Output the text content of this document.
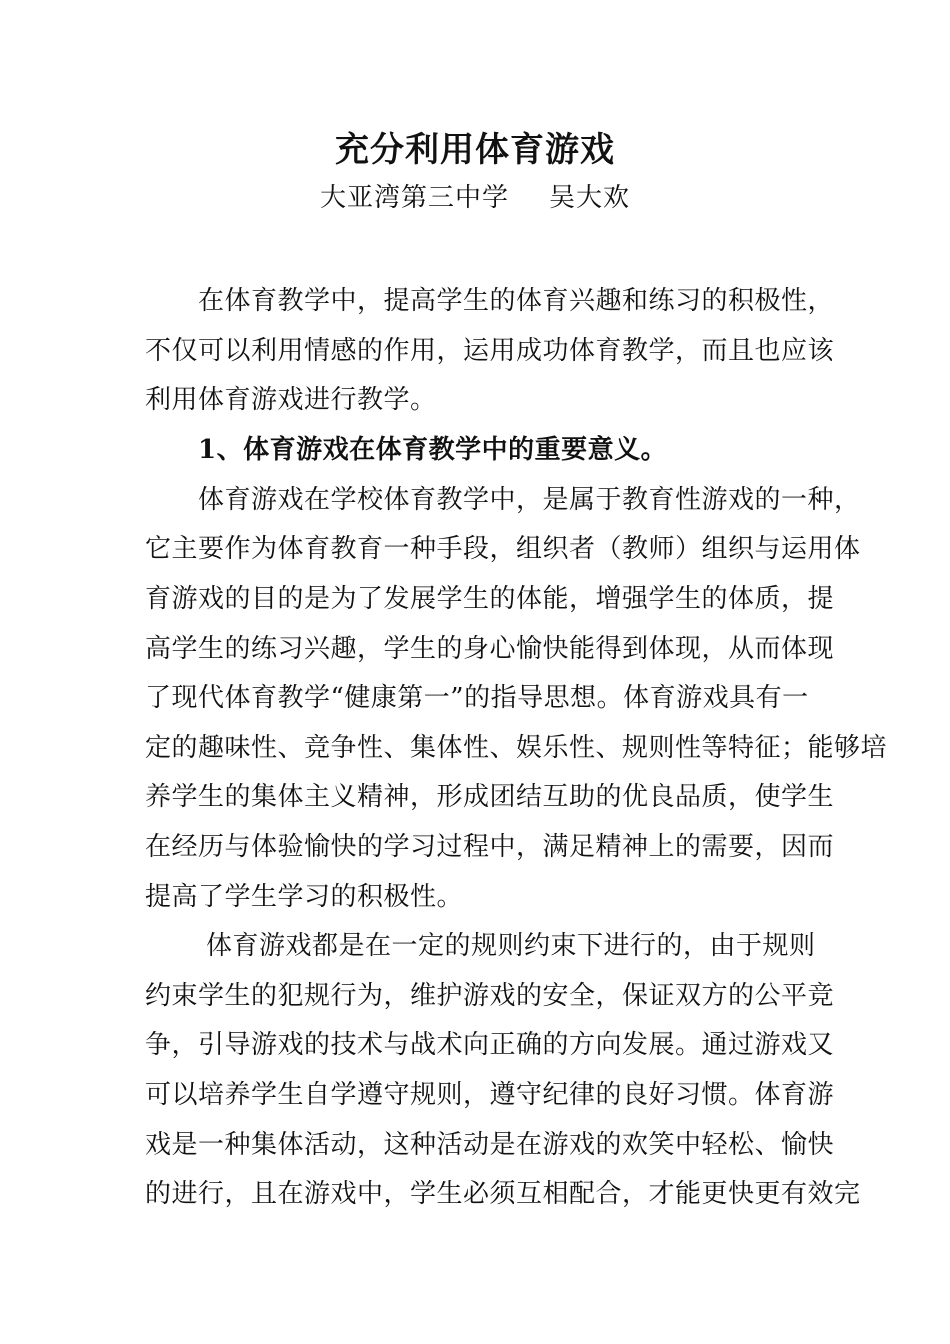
充分利用体育游戏
大亚湾第三中学 吴大欢
在体育教学中，提高学生的体育兴趣和练习的积极性，
不仅可以利用情感的作用，运用成功体育教学，而且也应该
利用体育游戏进行教学。
1、体育游戏在体育教学中的重要意义。
体育游戏在学校体育教学中，是属于教育性游戏的一种，
它主要作为体育教育一种手段，组织者（教师）组织与运用体
育游戏的目的是为了发展学生的体能，增强学生的体质，提
高学生的练习兴趣，学生的身心愉快能得到体现，从而体现
了现代体育教学“健康第一”的指导思想。体育游戏具有一
定的趣味性、竞争性、集体性、娱乐性、规则性等特征；能够培
养学生的集体主义精神，形成团结互助的优良品质，使学生
在经历与体验愉快的学习过程中，满足精神上的需要，因而
提高了学生学习的积极性。
体育游戏都是在一定的规则约束下进行的，由于规则
约束学生的犯规行为，维护游戏的安全，保证双方的公平竞
争，引导游戏的技术与战术向正确的方向发展。通过游戏又
可以培养学生自学遵守规则，遵守纪律的良好习惯。体育游
戏是一种集体活动，这种活动是在游戏的欢笑中轻松、愉快
的进行，且在游戏中，学生必须互相配合，才能更快更有效完
